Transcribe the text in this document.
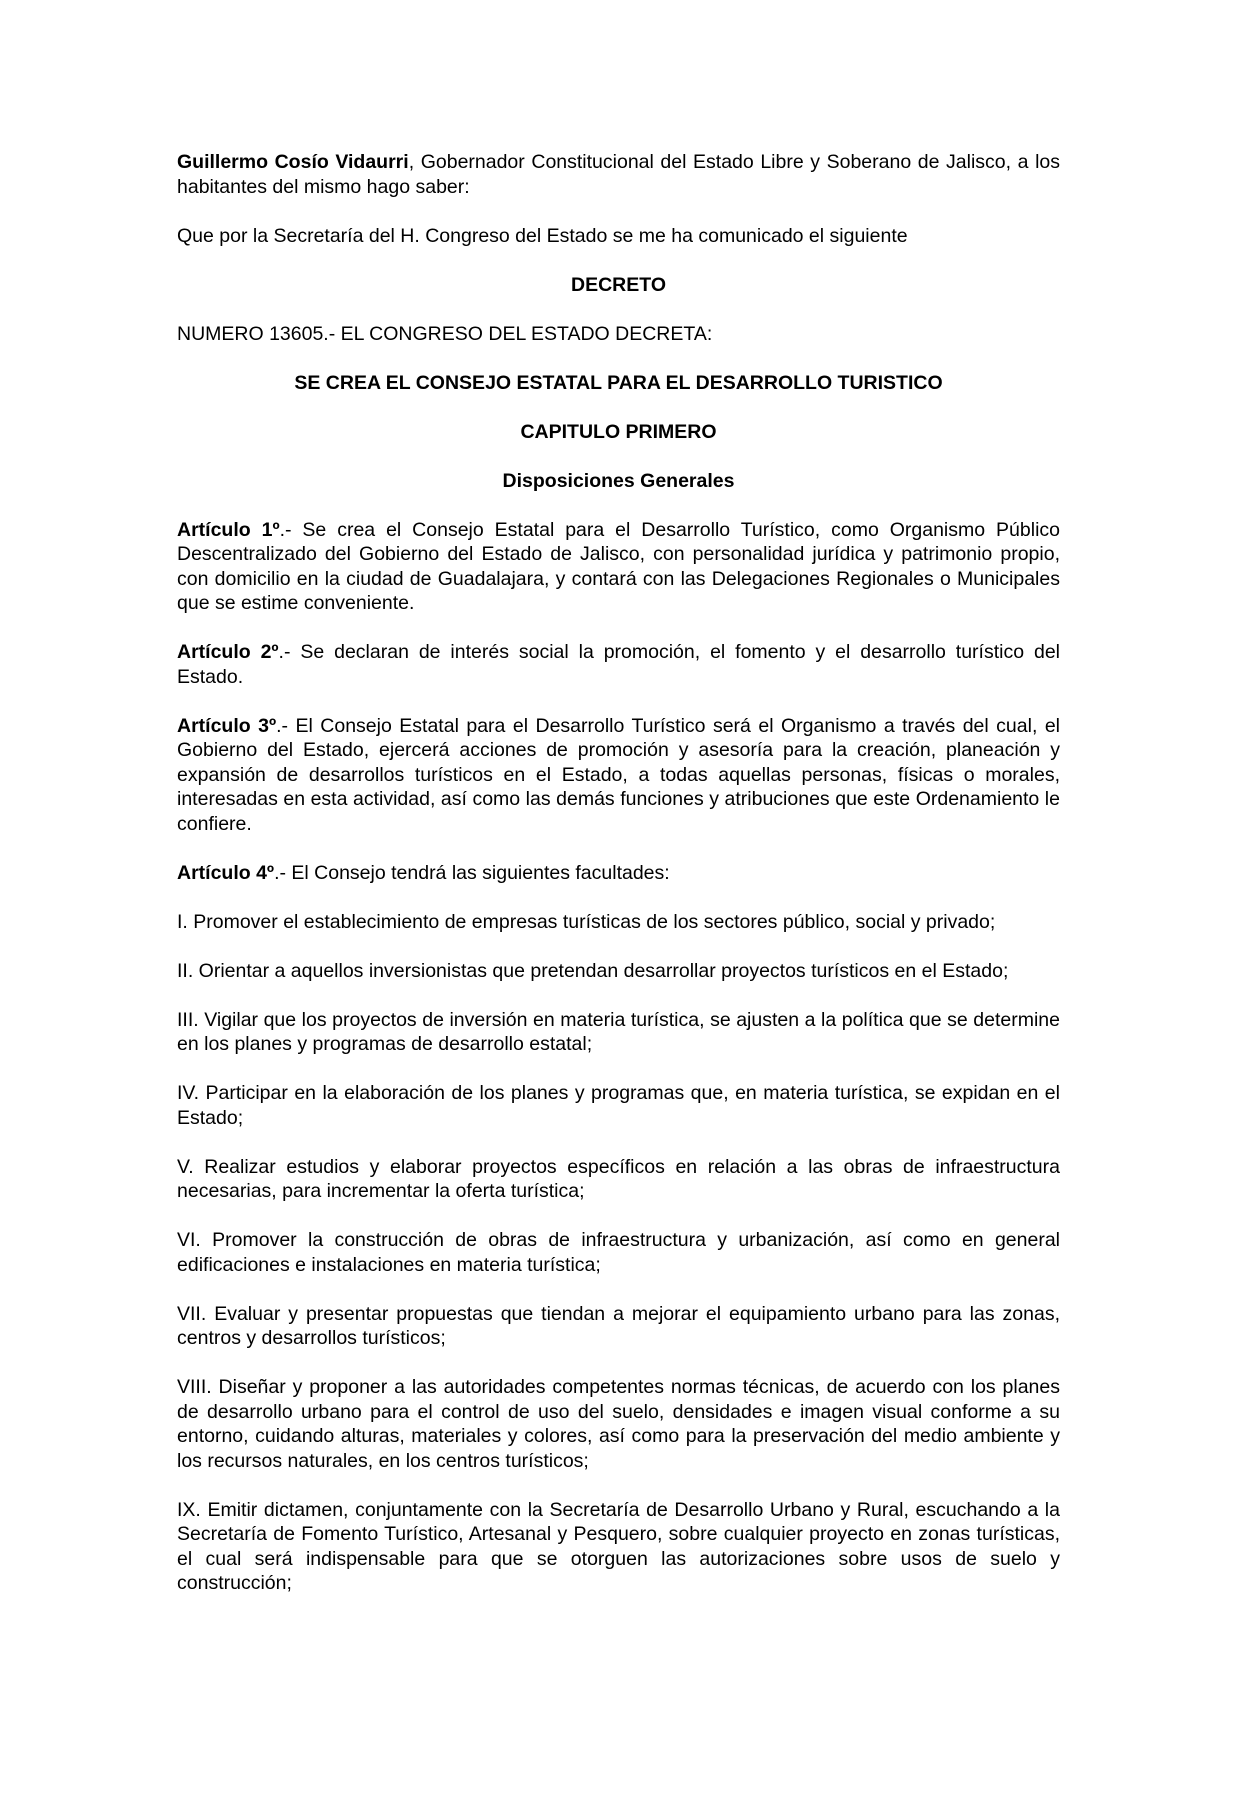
Guillermo Cosío Vidaurri, Gobernador Constitucional del Estado Libre y Soberano de Jalisco, a los habitantes del mismo hago saber:

Que por la Secretaría del H. Congreso del Estado se me ha comunicado el siguiente

DECRETO

NUMERO 13605.- EL CONGRESO DEL ESTADO DECRETA:

SE CREA EL CONSEJO ESTATAL PARA EL DESARROLLO TURISTICO

CAPITULO PRIMERO

Disposiciones Generales

Artículo 1º.- Se crea el Consejo Estatal para el Desarrollo Turístico, como Organismo Público Descentralizado del Gobierno del Estado de Jalisco, con personalidad jurídica y patrimonio propio, con domicilio en la ciudad de Guadalajara, y contará con las Delegaciones Regionales o Municipales que se estime conveniente.

Artículo 2º.- Se declaran de interés social la promoción, el fomento y el desarrollo turístico del Estado.

Artículo 3º.- El Consejo Estatal para el Desarrollo Turístico será el Organismo a través del cual, el Gobierno del Estado, ejercerá acciones de promoción y asesoría para la creación, planeación y expansión de desarrollos turísticos en el Estado, a todas aquellas personas, físicas o morales, interesadas en esta actividad, así como las demás funciones y atribuciones que este Ordenamiento le confiere.

Artículo 4º.- El Consejo tendrá las siguientes facultades:

I. Promover el establecimiento de empresas turísticas de los sectores público, social y privado;

II. Orientar a aquellos inversionistas que pretendan desarrollar proyectos turísticos en el Estado;

III. Vigilar que los proyectos de inversión en materia turística, se ajusten a la política que se determine en los planes y programas de desarrollo estatal;

IV. Participar en la elaboración de los planes y programas que, en materia turística, se expidan en el Estado;

V. Realizar estudios y elaborar proyectos específicos en relación a las obras de infraestructura necesarias, para incrementar la oferta turística;

VI. Promover la construcción de obras de infraestructura y urbanización, así como en general edificaciones e instalaciones en materia turística;

VII. Evaluar y presentar propuestas que tiendan a mejorar el equipamiento urbano para las zonas, centros y desarrollos turísticos;

VIII. Diseñar y proponer a las autoridades competentes normas técnicas, de acuerdo con los planes de desarrollo urbano para el control de uso del suelo, densidades e imagen visual conforme a su entorno, cuidando alturas, materiales y colores, así como para la preservación del medio ambiente y los recursos naturales, en los centros turísticos;

IX. Emitir dictamen, conjuntamente con la Secretaría de Desarrollo Urbano y Rural, escuchando a la Secretaría de Fomento Turístico, Artesanal y Pesquero, sobre cualquier proyecto en zonas turísticas, el cual será indispensable para que se otorguen las autorizaciones sobre usos de suelo y construcción;
